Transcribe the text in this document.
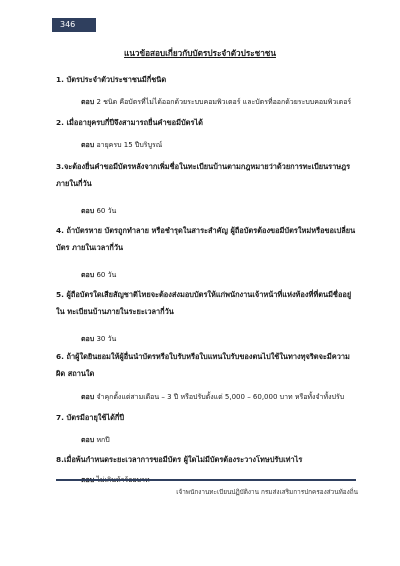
346
แนวข้อสอบเกี่ยวกับบัตรประจำตัวประชาชน
1. บัตรประจำตัวประชาชนมีกี่ชนิด
ตอบ 2 ชนิด คือบัตรที่ไม่ได้ออกด้วยระบบคอมพิวเตอร์ และบัตรที่ออกด้วยระบบคอมพิวเตอร์
2. เมื่ออายุครบกี่ปีจึงสามารถยื่นคำขอมีบัตรได้
ตอบ อายุครบ 15 ปีบริบูรณ์
3.จะต้องยื่นคำขอมีบัตรหลังจากเพิ่มชื่อในทะเบียนบ้านตามกฎหมายว่าด้วยการทะเบียนราษฎร ภายในกี่วัน
ตอบ 60 วัน
4. ถ้าบัตรหาย บัตรถูกทำลาย หรือชำรุดในสาระสำคัญ ผู้ถือบัตรต้องขอมีบัตรใหม่หรือขอเปลี่ยนบัตร ภายในเวลากี่วัน
ตอบ 60 วัน
5. ผู้ถือบัตรใดเสียสัญชาติไทยจะต้องส่งมอบบัตรให้แก่พนักงานเจ้าหน้าที่แห่งท้องที่ที่ตนมีชื่ออยู่ใน ทะเบียนบ้านภายในระยะเวลากี่วัน
ตอบ 30 วัน
6. ถ้าผู้ใดยินยอมให้ผู้อื่นนำบัตรหรือใบรับหรือใบแทนใบรับของตนไปใช้ในทางทุจริตจะมีความผิด สถานใด
ตอบ จำคุกตั้งแต่สามเดือน – 3 ปี หรือปรับตั้งแต่ 5,000 – 60,000 บาท หรือทั้งจำทั้งปรับ
7. บัตรมีอายุใช้ได้กี่ปี
ตอบ หกปี
8.เมื่อพ้นกำหนดระยะเวลาการขอมีบัตร ผู้ใดไม่มีบัตรต้องระวางโทษปรับเท่าไร
เจ้าพนักงานทะเบียนปฏิบัติงาน กรมส่งเสริมการปกครองส่วนท้องถิ่น
